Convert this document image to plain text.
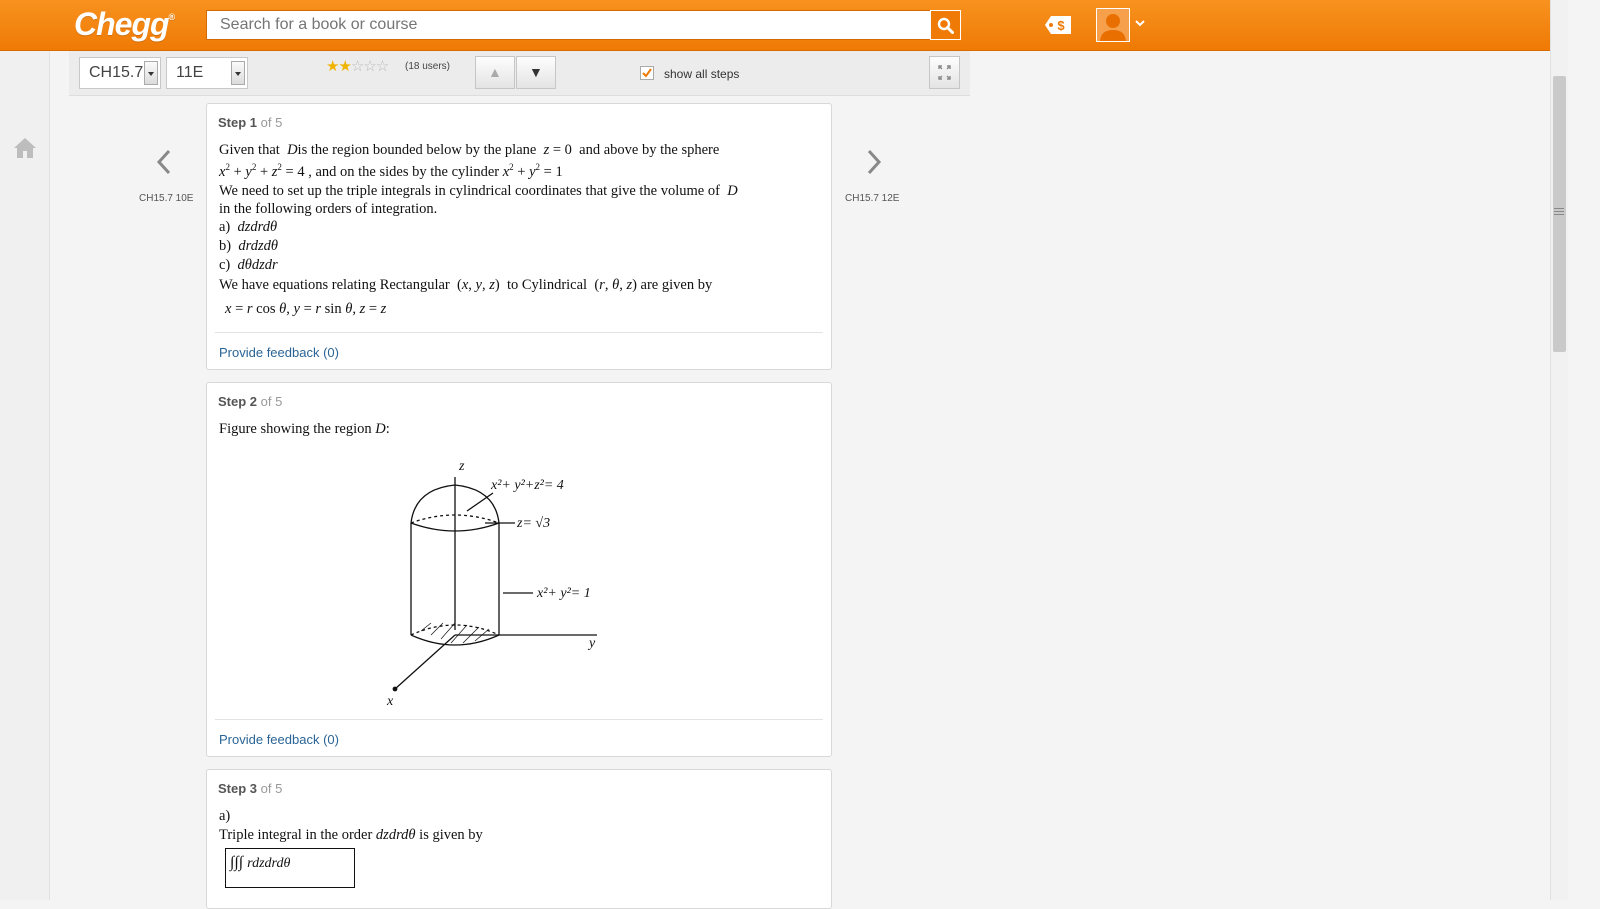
Chegg®
Search for a book or course
$
CH15.7	11E	★★☆☆☆ (18 users)	▲ ▼	show all steps
CH15.7 10E	CH15.7 12E
Step 1 of 5
Given that  Dis the region bounded below by the plane  z = 0  and above by the sphere
$x^2 + y^2 + z^2 = 4$ , and on the sides by the cylinder $x^2 + y^2 = 1$
We need to set up the triple integrals in cylindrical coordinates that give the volume of  D
in the following orders of integration.
a)  dzdrdθ
b)  drdzdθ
c)  dθdzdr
We have equations relating Rectangular  (x, y, z)  to Cylindrical  (r, θ, z) are given by
x = r cos θ, y = r sin θ, z = z
Provide feedback (0)
Step 2 of 5
Figure showing the region D:
z
y
x
x²+ y²+z²= 4
z= √3
x²+ y²= 1
Provide feedback (0)
Step 3 of 5
a)
Triple integral in the order dzdrdθ is given by
∫∫∫ rdzdrdθ
